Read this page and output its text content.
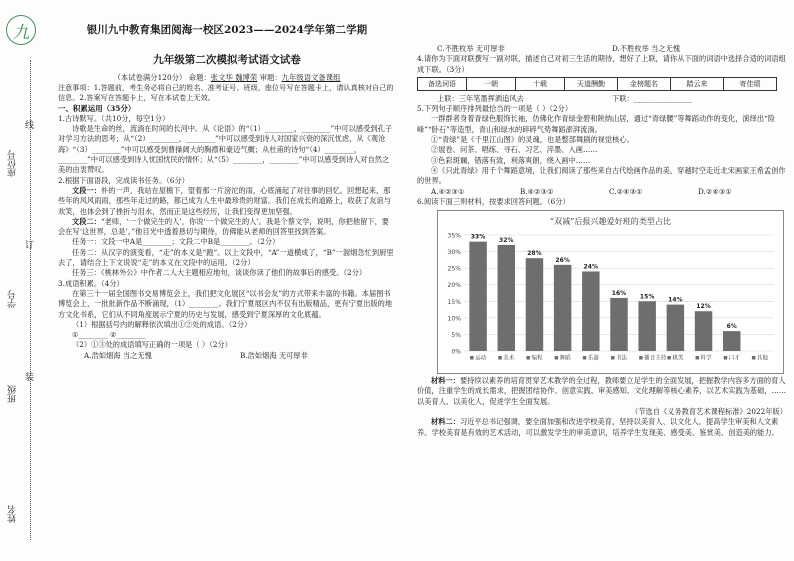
九
座位号
学号
班级
姓名
线
订
装
银川九中教育集团阅海一校区2023——2024学年第二学期
九年级第二次模拟考试语文试卷
（本试卷满分120分） 命题：张文华 魏博荣 审题：九年级语文备课组

注意事项：1.答题前，考生务必将自己的姓名、准考证号、班级、座位号写在答题卡上，请认真核对自己的信息。2.答案写在答题卡上，写在本试卷上无效。

一、积累运用（35分）

1.古诗默写。（共10分，每空1分）

诗歌是生命的丝，流淌在时间的长河中。从《论语》的“（1）________，________”中可以感受到孔子对学习方法的思考；从“（2）________，________”中可以感受到诗人对国家兴衰的深沉忧虑，从《观沧海》“（3）________”中可以感受到曹操阔大的胸襟和豪迈气概；从杜甫的诗句“（4）________，________”中可以感受到诗人忧国忧民的情怀；从“（5）________，________”中可以感受到诗人对自然之美的由衷赞叹。

2.根据下面语段，完成读书任务。（6分）

文段一：朴的一声，我站在屋檐下，望着那一片滂沱的雨，心底涌起了对往事的回忆。回想起来，那些年的风风雨雨，那些年走过的路，都已成为人生中最珍贵的财富。我们在成长的道路上，收获了友谊与欢笑，也体会到了挫折与泪水，然而正是这些经历，让我们变得更加坚强。

文段二：“老师，‘一个做完生的人’，你说‘一个做完生的人’。我是个蔡文学，说明，你把他留下，要会在写‘这世界，总是’。”他目光中透着恳切与期待，仿佛能从老师的回答里找到答案。

任务一：文段一中A是________；文段二中B是________。（2分）

任务二：从汉字的演变看，“走”的本义是“跑”。以上文段中，“A”一道横成了，“B”一溜烟急忙到厨里去了，请结合上下文说说“走”的本义在文段中的运用。（2分）

任务三：《桃林外公》中作者二人大主题相应地句，谈谈你读了他们的故事后的感受。（2分）

3.成语积累。（4分）

在第三十一届全国图书交易博览会上，我们把文化展区“以书会友”的方式带来丰富的书籍。本届图书博览会上，一批批新作品不断涌现，（1）________。我们宁夏展区内不仅有出版精品，更有宁夏出版的地方文化书系，它们从不同角度展示宁夏的历史与发展，感受到宁夏深厚的文化底蕴。

（1）根据括号内的解释依次填出①②处的成语。（2分）

①________ ②________

（2）①③处的成语填写正确的一项是（ ）（2分）

A.浩如烟海 当之无愧	B.浩如烟海 无可厚非
C.不胜枚举 无可厚非	D.不胜枚举 当之无愧

4.请你为下面对联撰写一副对联，描述自己对初三生活的期待，想好了上联，请你从下面的词语中选择合适的词语组成下联。（3分）

备选词语	一朝	十载	天道酬勤	金榜题名	踏云来	寄佳绩
上联：三年笔墨挥洒追风去	下联：________________

5.下列句子顺序排列最恰当的一项是（ ）（2分）

一群群者身着青绿色服饰长袖，仿佛化作青绿金碧和陕纳山居，通过“青绿腰”等舞蹈动作的变化，演绎出“险峰”“卧石”等造型，青山和绿水的碎碎气势舞蹈澎湃流淌。

①“青绿”是《千里江山图》的灵魂，也是整部舞剧的视觉核心。

②展卷、问茶、唱练、寻石、习艺、淬墨、入画……

③色彩斑斓，错落有致，利落爽朗，绕入画中……

④《只此青绿》用千个舞蹈意境，让我们阅读了那些来自古代绘画作品的美，穿越时空走近北宋画家王希孟创作的世界。

A.④②③①	B.④②③①	C.②④③①	D.②④③①

6.阅读下面三则材料，按要求回答问题。（6分）

“双减”后报兴趣爱好班的类型占比
0%
5%
10%
15%
20%
25%
30%
35% 33%
运动
32%
美术
28%
编程
26%
舞蹈
24%
乐器
16%
书法
15%
播音主持
14%
棋类
12%
科学
6%
口才	其他

材料一：要持续以素养的培育贯穿艺术教学的全过程，教师要立足学生的全面发展，把握教学内容多方面的育人价值，注重学生的成长需求，把握团结协作、创意实践、审美感知、文化理解等核心素养，以艺术实践为基础，……以美育人、以美化人，促进学生全面发展。

（节选自《义务教育艺术课程标准》2022年版）

材料二：习近平总书记强调，要全面加强和改进学校美育，坚持以美育人、以文化人，提高学生审美和人文素养。学校美育是有效的艺术活动，可以激发学生的审美意识，培养学生发现美、感受美、鉴赏美、创造美的能力。
